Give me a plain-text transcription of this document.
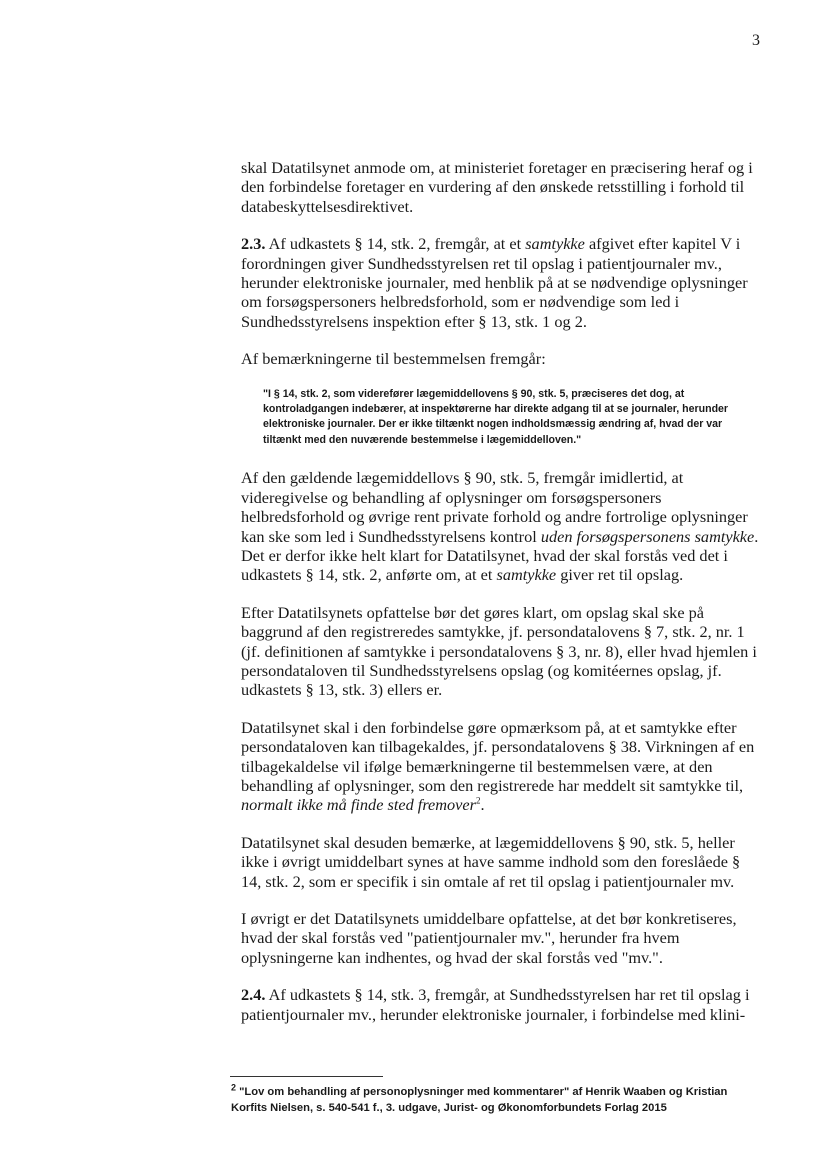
3

skal Datatilsynet anmode om, at ministeriet foretager en præcisering heraf og i den forbindelse foretager en vurdering af den ønskede retsstilling i forhold til databeskyttelsesdirektivet.

2.3. Af udkastets § 14, stk. 2, fremgår, at et samtykke afgivet efter kapitel V i forordningen giver Sundhedsstyrelsen ret til opslag i patientjournaler mv., herunder elektroniske journaler, med henblik på at se nødvendige oplysninger om forsøgspersoners helbredsforhold, som er nødvendige som led i Sundhedsstyrelsens inspektion efter § 13, stk. 1 og 2.

Af bemærkningerne til bestemmelsen fremgår:

"I § 14, stk. 2, som viderefører lægemiddellovens § 90, stk. 5, præciseres det dog, at kontroladgangen indebærer, at inspektørerne har direkte adgang til at se journaler, herunder elektroniske journaler. Der er ikke tiltænkt nogen indholdsmæssig ændring af, hvad der var tiltænkt med den nuværende bestemmelse i lægemiddelloven."

Af den gældende lægemiddellovs § 90, stk. 5, fremgår imidlertid, at videregivelse og behandling af oplysninger om forsøgspersoners helbredsforhold og øvrige rent private forhold og andre fortrolige oplysninger kan ske som led i Sundhedsstyrelsens kontrol uden forsøgspersonens samtykke. Det er derfor ikke helt klart for Datatilsynet, hvad der skal forstås ved det i udkastets § 14, stk. 2, anførte om, at et samtykke giver ret til opslag.

Efter Datatilsynets opfattelse bør det gøres klart, om opslag skal ske på baggrund af den registreredes samtykke, jf. persondatalovens § 7, stk. 2, nr. 1 (jf. definitionen af samtykke i persondatalovens § 3, nr. 8), eller hvad hjemlen i persondataloven til Sundhedsstyrelsens opslag (og komitéernes opslag, jf. udkastets § 13, stk. 3) ellers er.

Datatilsynet skal i den forbindelse gøre opmærksom på, at et samtykke efter persondataloven kan tilbagekaldes, jf. persondatalovens § 38. Virkningen af en tilbagekaldelse vil ifølge bemærkningerne til bestemmelsen være, at den behandling af oplysninger, som den registrerede har meddelt sit samtykke til, normalt ikke må finde sted fremover$^2$.

Datatilsynet skal desuden bemærke, at lægemiddellovens § 90, stk. 5, heller ikke i øvrigt umiddelbart synes at have samme indhold som den foreslåede § 14, stk. 2, som er specifik i sin omtale af ret til opslag i patientjournaler mv.

I øvrigt er det Datatilsynets umiddelbare opfattelse, at det bør konkretiseres, hvad der skal forstås ved "patientjournaler mv.", herunder fra hvem oplysningerne kan indhentes, og hvad der skal forstås ved "mv.".

2.4. Af udkastets § 14, stk. 3, fremgår, at Sundhedsstyrelsen har ret til opslag i patientjournaler mv., herunder elektroniske journaler, i forbindelse med klini-

$^2$ "Lov om behandling af personoplysninger med kommentarer" af Henrik Waaben og Kristian Korfits Nielsen, s. 540-541 f., 3. udgave, Jurist- og Økonomforbundets Forlag 2015
